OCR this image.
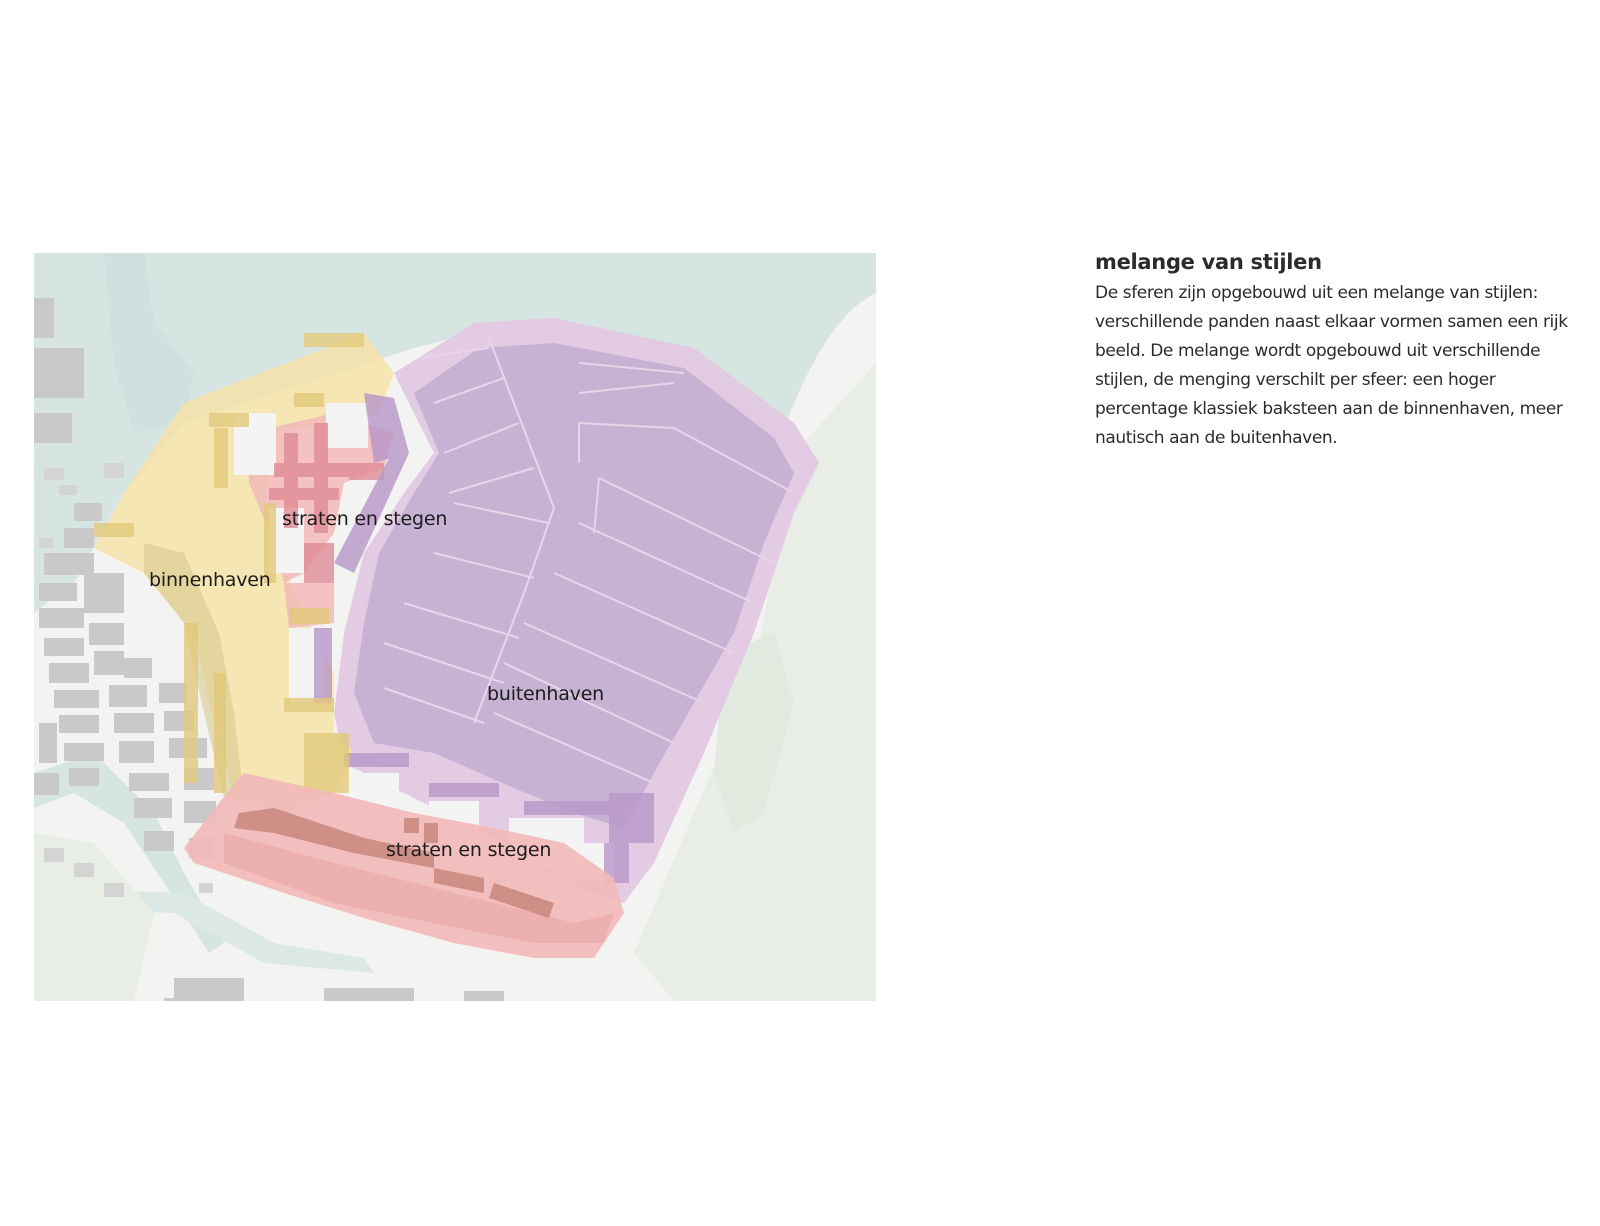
straten en stegen
binnenhaven
buitenhaven
straten en stegen
melange van stijlen

De sferen zijn opgebouwd uit een melange van stijlen:
verschillende panden naast elkaar vormen samen een rijk
beeld. De melange wordt opgebouwd uit verschillende
stijlen, de menging verschilt per sfeer: een hoger
percentage klassiek baksteen aan de binnenhaven, meer
nautisch aan de buitenhaven.
